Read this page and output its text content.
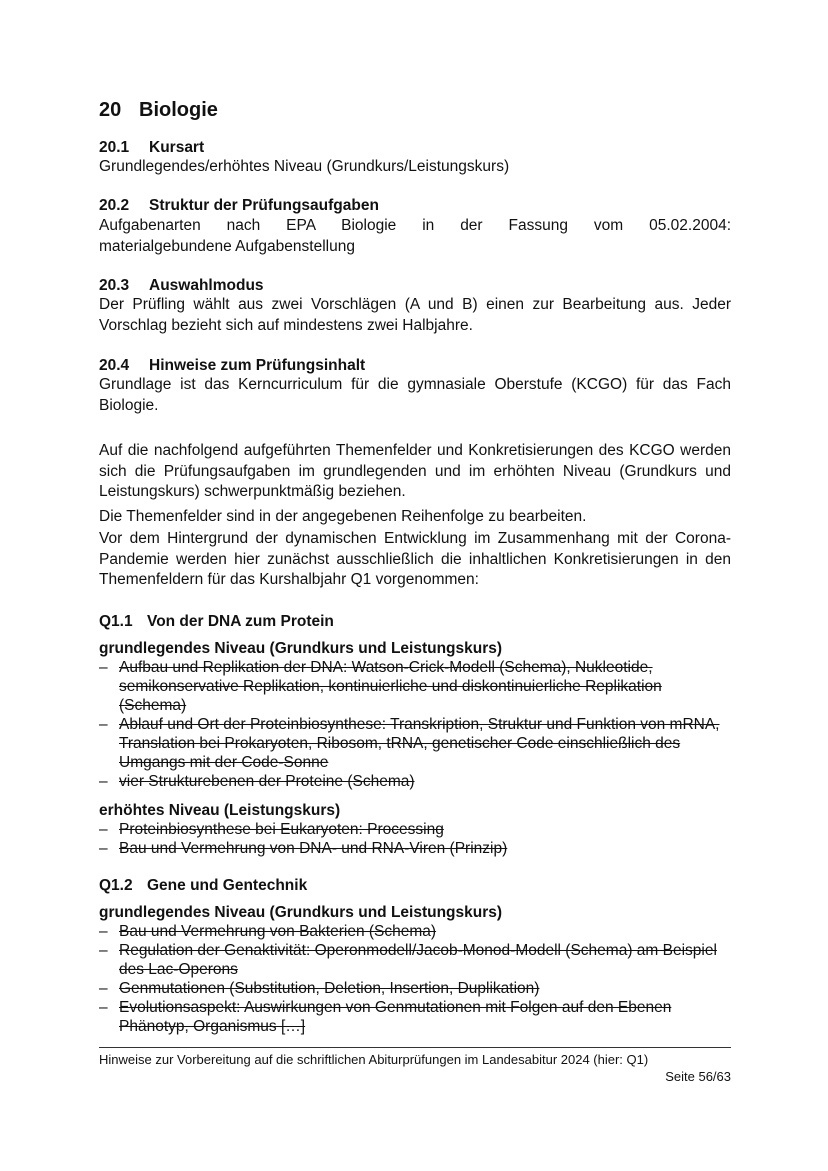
20 Biologie
20.1 Kursart
Grundlegendes/erhöhtes Niveau (Grundkurs/Leistungskurs)
20.2 Struktur der Prüfungsaufgaben
Aufgabenarten nach EPA Biologie in der Fassung vom 05.02.2004:
materialgebundene Aufgabenstellung
20.3 Auswahlmodus
Der Prüfling wählt aus zwei Vorschlägen (A und B) einen zur Bearbeitung aus. Jeder Vorschlag bezieht sich auf mindestens zwei Halbjahre.
20.4 Hinweise zum Prüfungsinhalt
Grundlage ist das Kerncurriculum für die gymnasiale Oberstufe (KCGO) für das Fach Biologie.
Auf die nachfolgend aufgeführten Themenfelder und Konkretisierungen des KCGO werden sich die Prüfungsaufgaben im grundlegenden und im erhöhten Niveau (Grundkurs und Leistungskurs) schwerpunktmäßig beziehen.
Die Themenfelder sind in der angegebenen Reihenfolge zu bearbeiten.
Vor dem Hintergrund der dynamischen Entwicklung im Zusammenhang mit der Corona-Pandemie werden hier zunächst ausschließlich die inhaltlichen Konkretisierungen in den Themenfeldern für das Kurshalbjahr Q1 vorgenommen:
Q1.1 Von der DNA zum Protein
grundlegendes Niveau (Grundkurs und Leistungskurs)
– Aufbau und Replikation der DNA: Watson-Crick-Modell (Schema), Nukleotide, semikonservative Replikation, kontinuierliche und diskontinuierliche Replikation (Schema)
– Ablauf und Ort der Proteinbiosynthese: Transkription, Struktur und Funktion von mRNA, Translation bei Prokaryoten, Ribosom, tRNA, genetischer Code einschließlich des Umgangs mit der Code-Sonne
– vier Strukturebenen der Proteine (Schema)
erhöhtes Niveau (Leistungskurs)
– Proteinbiosynthese bei Eukaryoten: Processing
– Bau und Vermehrung von DNA- und RNA-Viren (Prinzip)
Q1.2 Gene und Gentechnik
grundlegendes Niveau (Grundkurs und Leistungskurs)
– Bau und Vermehrung von Bakterien (Schema)
– Regulation der Genaktivität: Operonmodell/Jacob-Monod-Modell (Schema) am Beispiel des Lac-Operons
– Genmutationen (Substitution, Deletion, Insertion, Duplikation)
– Evolutionsaspekt: Auswirkungen von Genmutationen mit Folgen auf den Ebenen Phänotyp, Organismus […]
Hinweise zur Vorbereitung auf die schriftlichen Abiturprüfungen im Landesabitur 2024 (hier: Q1)
Seite 56/63
